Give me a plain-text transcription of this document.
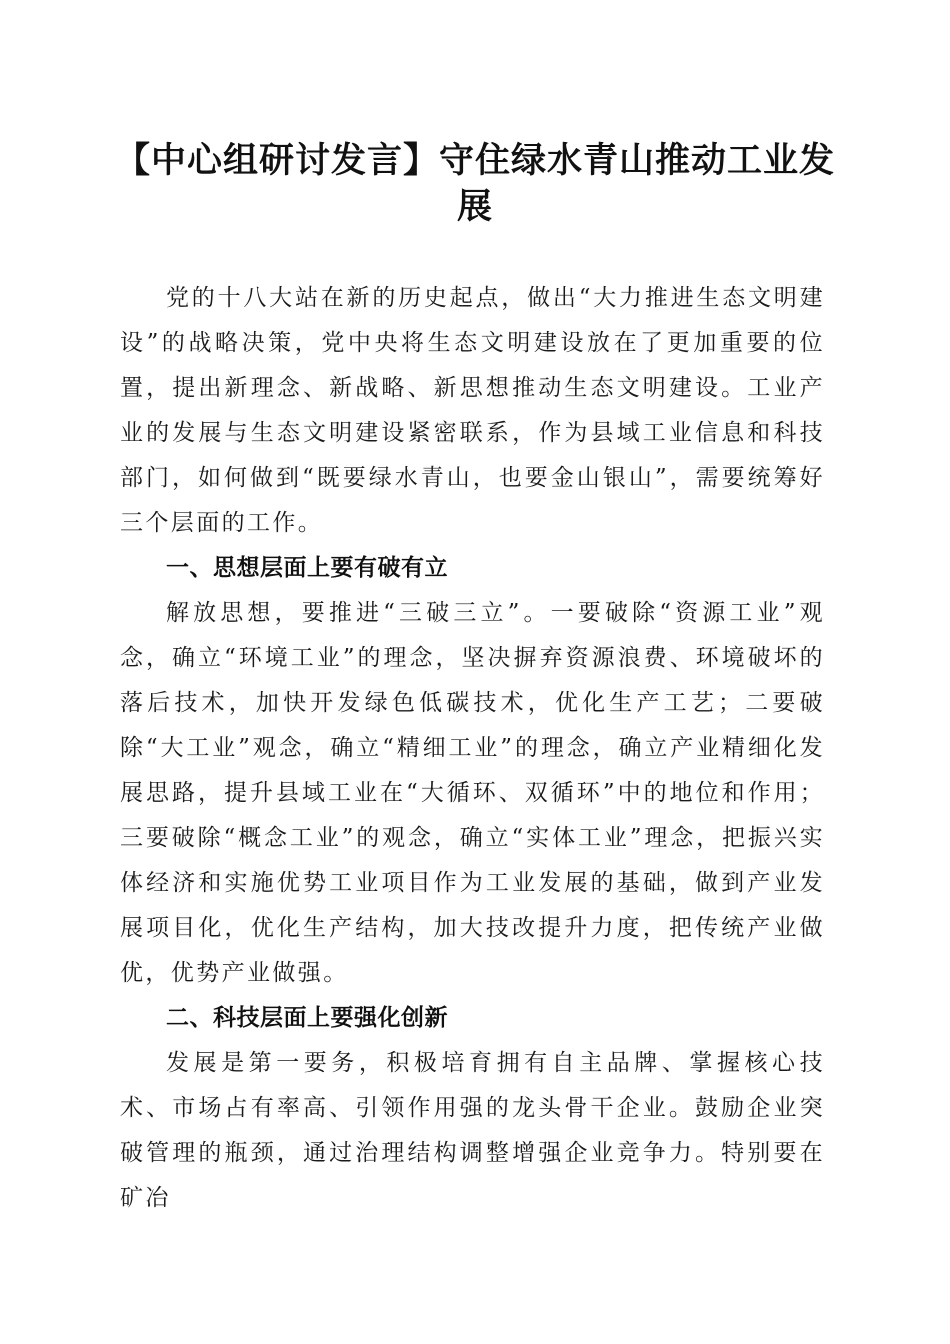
【中心组研讨发言】守住绿水青山推动工业发展

党的十八大站在新的历史起点，做出“大力推进生态文明建设”的战略决策，党中央将生态文明建设放在了更加重要的位置，提出新理念、新战略、新思想推动生态文明建设。工业产业的发展与生态文明建设紧密联系，作为县域工业信息和科技部门，如何做到“既要绿水青山，也要金山银山”，需要统筹好三个层面的工作。

一、思想层面上要有破有立

解放思想，要推进“三破三立”。一要破除“资源工业”观念，确立“环境工业”的理念，坚决摒弃资源浪费、环境破坏的落后技术，加快开发绿色低碳技术，优化生产工艺；二要破除“大工业”观念，确立“精细工业”的理念，确立产业精细化发展思路，提升县域工业在“大循环、双循环”中的地位和作用；三要破除“概念工业”的观念，确立“实体工业”理念，把振兴实体经济和实施优势工业项目作为工业发展的基础，做到产业发展项目化，优化生产结构，加大技改提升力度，把传统产业做优，优势产业做强。

二、科技层面上要强化创新

发展是第一要务，积极培育拥有自主品牌、掌握核心技术、市场占有率高、引领作用强的龙头骨干企业。鼓励企业突破管理的瓶颈，通过治理结构调整增强企业竞争力。特别要在矿冶
